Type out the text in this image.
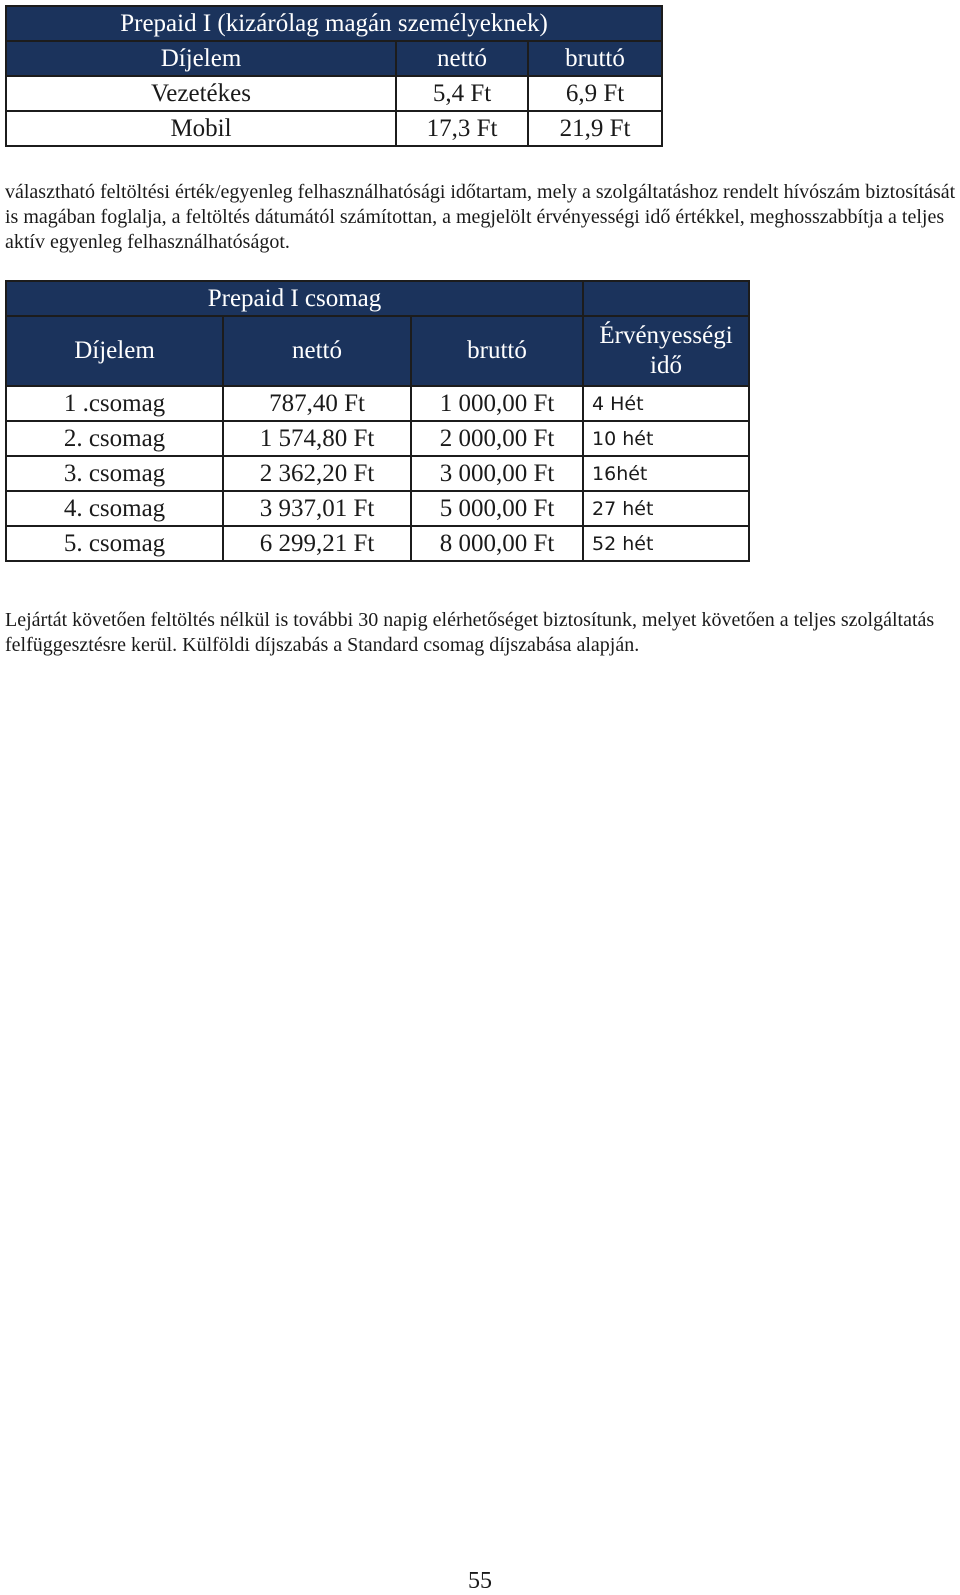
Prepaid I (kizárólag magán személyeknek)		
Díjelem	nettó	bruttó
Vezetékes	5,4 Ft	6,9 Ft
Mobil	17,3 Ft	21,9 Ft

választható feltöltési érték/egyenleg felhasználhatósági időtartam, mely a szolgáltatáshoz rendelt hívószám biztosítását is magában foglalja, a feltöltés dátumától számítottan, a megjelölt érvényességi idő értékkel, meghosszabbítja a teljes aktív egyenleg felhasználhatóságot.

Prepaid I csomag			
Díjelem	nettó	bruttó	Érvényességi idő
1 .csomag	787,40 Ft	1 000,00 Ft	4 Hét
2. csomag	1 574,80 Ft	2 000,00 Ft	10 hét
3. csomag	2 362,20 Ft	3 000,00 Ft	16hét
4. csomag	3 937,01 Ft	5 000,00 Ft	27 hét
5. csomag	6 299,21 Ft	8 000,00 Ft	52 hét

Lejártát követően feltöltés nélkül is további 30 napig elérhetőséget biztosítunk, melyet követően a teljes szolgáltatás felfüggesztésre kerül. Külföldi díjszabás a Standard csomag díjszabása alapján.

55
